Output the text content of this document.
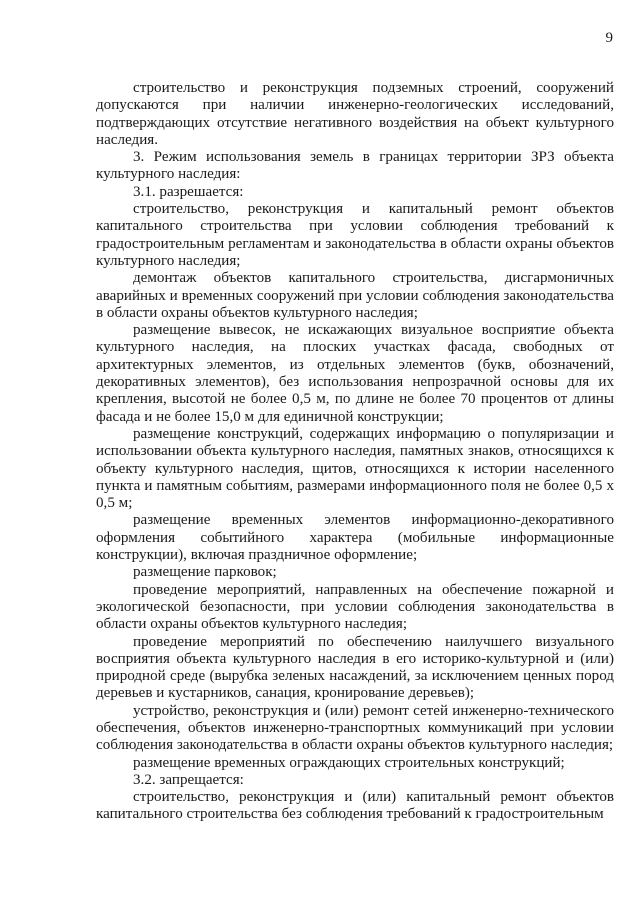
9

строительство и реконструкция подземных строений, сооружений допускаются при наличии инженерно-геологических исследований, подтверждающих отсутствие негативного воздействия на объект культурного наследия.

3. Режим использования земель в границах территории ЗРЗ объекта культурного наследия:

3.1. разрешается:

строительство, реконструкция и капитальный ремонт объектов капитального строительства при условии соблюдения требований к градостроительным регламентам и законодательства в области охраны объектов культурного наследия;

демонтаж объектов капитального строительства, дисгармоничных аварийных и временных сооружений при условии соблюдения законодательства в области охраны объектов культурного наследия;

размещение вывесок, не искажающих визуальное восприятие объекта культурного наследия, на плоских участках фасада, свободных от архитектурных элементов, из отдельных элементов (букв, обозначений, декоративных элементов), без использования непрозрачной основы для их крепления, высотой не более 0,5 м, по длине не более 70 процентов от длины фасада и не более 15,0 м для единичной конструкции;

размещение конструкций, содержащих информацию о популяризации и использовании объекта культурного наследия, памятных знаков, относящихся к объекту культурного наследия, щитов, относящихся к истории населенного пункта и памятным событиям, размерами информационного поля не более 0,5 х 0,5 м;

размещение временных элементов информационно-декоративного оформления событийного характера (мобильные информационные конструкции), включая праздничное оформление;

размещение парковок;

проведение мероприятий, направленных на обеспечение пожарной и экологической безопасности, при условии соблюдения законодательства в области охраны объектов культурного наследия;

проведение мероприятий по обеспечению наилучшего визуального восприятия объекта культурного наследия в его историко-культурной и (или) природной среде (вырубка зеленых насаждений, за исключением ценных пород деревьев и кустарников, санация, кронирование деревьев);

устройство, реконструкция и (или) ремонт сетей инженерно-технического обеспечения, объектов инженерно-транспортных коммуникаций при условии соблюдения законодательства в области охраны объектов культурного наследия;

размещение временных ограждающих строительных конструкций;

3.2. запрещается:

строительство, реконструкция и (или) капитальный ремонт объектов капитального строительства без соблюдения требований к градостроительным
